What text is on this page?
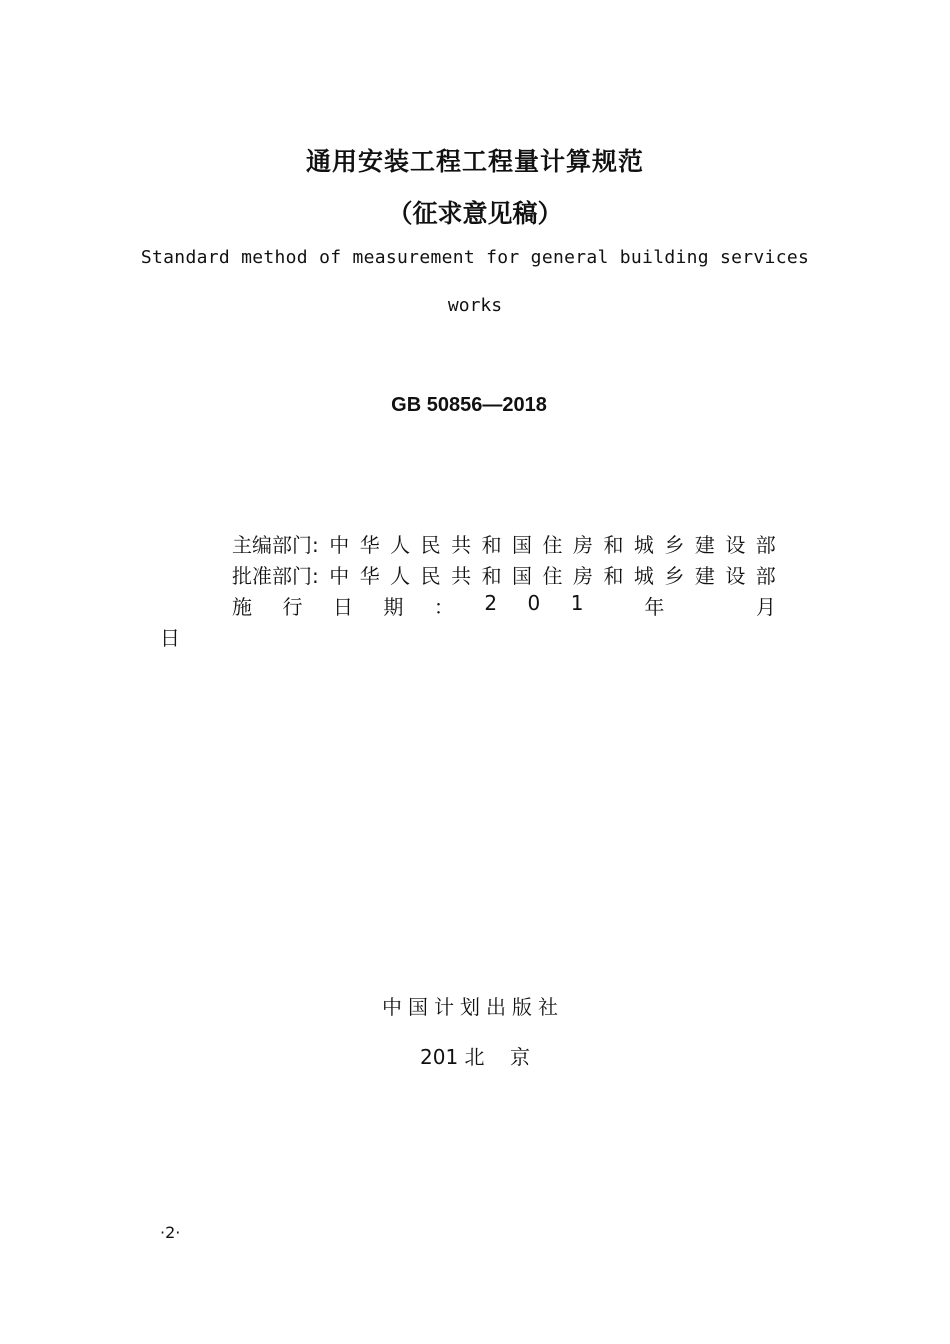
通用安装工程工程量计算规范
（征求意见稿）
Standard method of measurement for general building services
works
GB 50856—2018
主编部门: 中 华 人 民 共 和 国 住 房 和 城 乡 建 设 部
批准部门: 中 华 人 民 共 和 国 住 房 和 城 乡 建 设 部
施 行 日 期 ： 2 0 1	年	月
日
中国计划出版社
201 北    京
·2·
